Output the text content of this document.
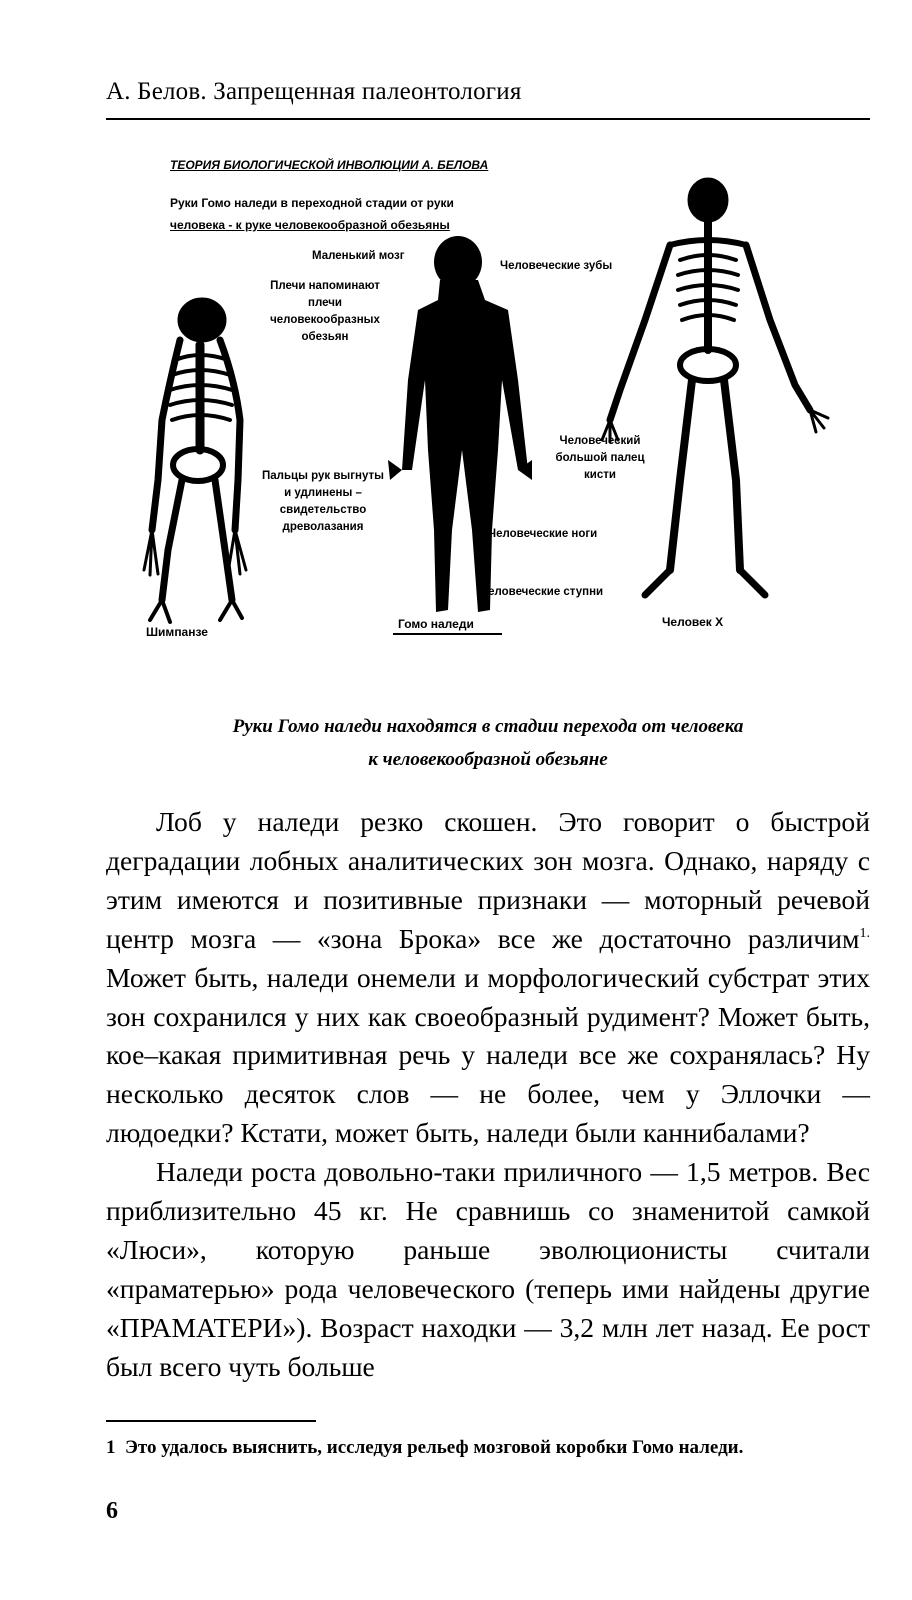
А. Белов. Запрещенная палеонтология
ТЕОРИЯ БИОЛОГИЧЕСКОЙ ИНВОЛЮЦИИ А. БЕЛОВА
Руки Гомо наледи в переходной стадии от руки
человека - к руке человекообразной обезьяны
Маленький мозг
Человеческие зубы
Плечи напоминают
плечи
человекообразных
обезьян
Человеческий
большой палец
кисти
Пальцы рук выгнуты
и удлинены –
свидетельство
древолазания
Человеческие ноги
Человеческие ступни
Шимпанзе
Гомо наледи	Человек Х
Руки Гомо наледи находятся в стадии перехода от человека
к человекообразной обезьяне

Лоб у наледи резко скошен. Это говорит о быстрой деградации лобных аналитических зон мозга. Однако, наряду с этим имеются и позитивные признаки — моторный речевой центр мозга — «зона Брока» все же достаточно различим$^{1.}$ Может быть, наледи онемели и морфологический субстрат этих зон сохранился у них как своеобразный рудимент? Может быть, кое–какая примитивная речь у наледи все же сохранялась? Ну несколько десяток слов — не более, чем у Эллочки — людоедки? Кстати, может быть, наледи были каннибалами?

Наледи роста довольно-таки приличного — 1,5 метров. Вес приблизительно 45 кг. Не сравнишь со знаменитой самкой «Люси», которую раньше эволюционисты считали «праматерью» рода человеческого (теперь ими найдены другие «ПРАМАТЕРИ»). Возраст находки — 3,2 млн лет назад. Ее рост был всего чуть больше

1 Это удалось выяснить, исследуя рельеф мозговой коробки Гомо наледи.
6
